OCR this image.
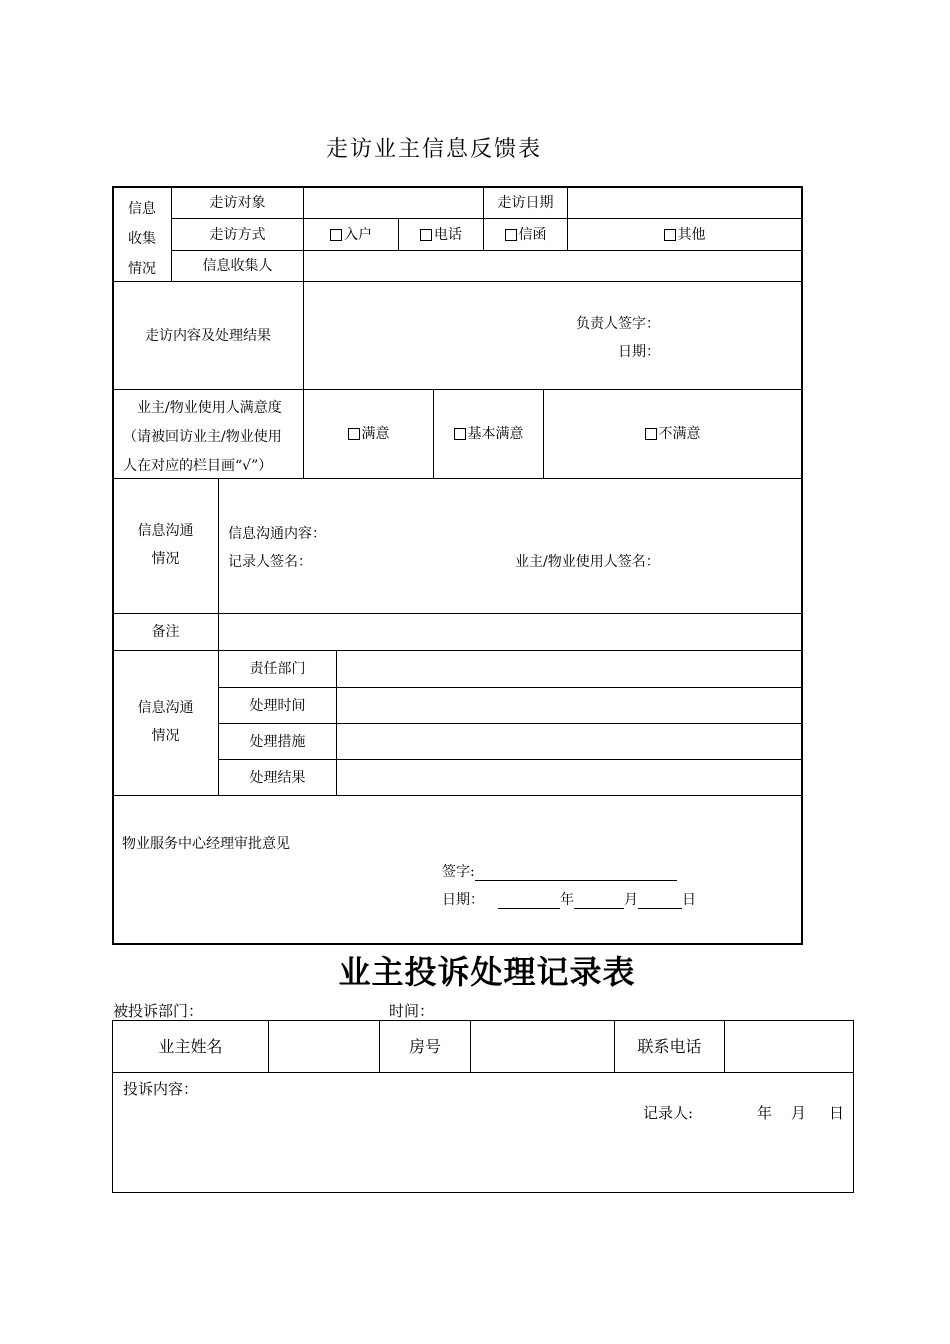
走访业主信息反馈表
信息
收集
情况
走访对象	走访日期
走访方式	入户	电话	信函	其他
信息收集人
走访内容及处理结果
负责人签字：
日期：
业主/物业使用人满意度
（请被回访业主/物业使用
人在对应的栏目画“√”）
满意	基本满意	不满意
信息沟通
情况
信息沟通内容：
记录人签名：	业主/物业使用人签名：
备注
信息沟通
情况
责任部门
处理时间
处理措施
处理结果
物业服务中心经理审批意见
签字:
日期：	年	月	日
业主投诉处理记录表
被投诉部门：	时间：
业主姓名	房号	联系电话
投诉内容：
记录人:	年 月 日
